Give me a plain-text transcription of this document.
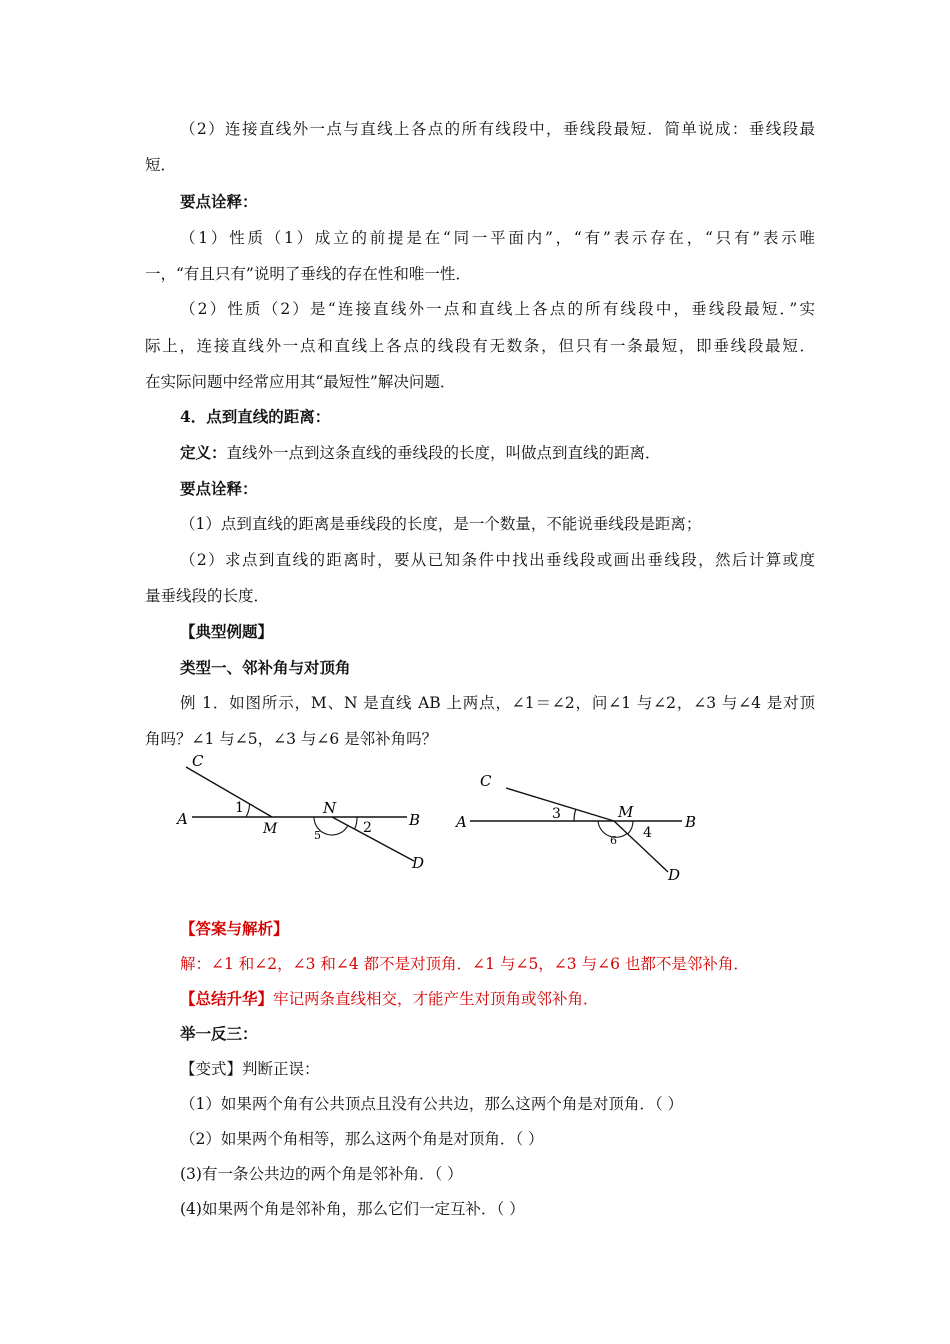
（2）连接直线外一点与直线上各点的所有线段中，垂线段最短．简单说成：垂线段最
短．
要点诠释：
（1）性质（1）成立的前提是在“同一平面内”，“有”表示存在，“只有”表示唯
一，“有且只有”说明了垂线的存在性和唯一性．
（2）性质（2）是“连接直线外一点和直线上各点的所有线段中，垂线段最短．”实
际上，连接直线外一点和直线上各点的线段有无数条，但只有一条最短，即垂线段最短．
在实际问题中经常应用其“最短性”解决问题．
4．点到直线的距离：
定义：直线外一点到这条直线的垂线段的长度，叫做点到直线的距离．
要点诠释：
（1）点到直线的距离是垂线段的长度，是一个数量，不能说垂线段是距离；
（2）求点到直线的距离时，要从已知条件中找出垂线段或画出垂线段，然后计算或度
量垂线段的长度．
【典型例题】
类型一、邻补角与对顶角
例 1．如图所示，M、N 是直线 AB 上两点，∠1＝∠2，问∠1 与∠2，∠3 与∠4 是对顶
角吗？∠1 与∠5，∠3 与∠6 是邻补角吗？
C
A
1
M
N
5	2 B
D
C
A	3	M
6 4
B
D
【答案与解析】
解：∠1 和∠2，∠3 和∠4 都不是对顶角．∠1 与∠5，∠3 与∠6 也都不是邻补角．
【总结升华】牢记两条直线相交，才能产生对顶角或邻补角．
举一反三：
【变式】判断正误：
（1）如果两个角有公共顶点且没有公共边，那么这两个角是对顶角．（ ）
（2）如果两个角相等，那么这两个角是对顶角．（ ）
(3)有一条公共边的两个角是邻补角．（ ）
(4)如果两个角是邻补角，那么它们一定互补．（ ）
